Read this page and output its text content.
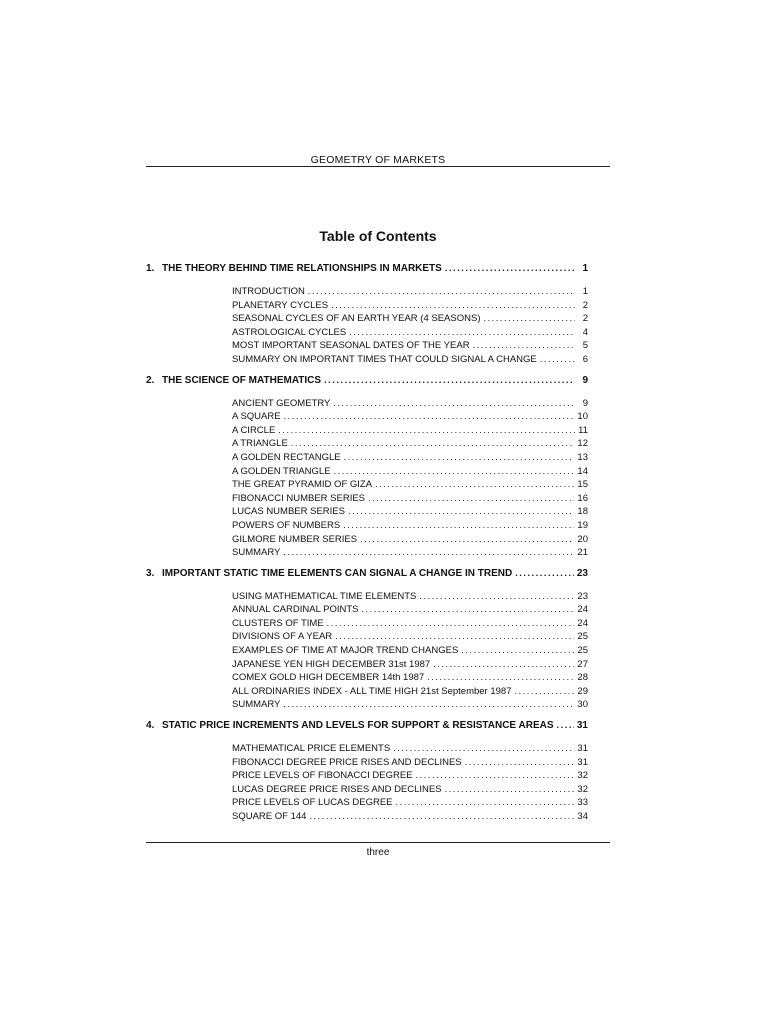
GEOMETRY OF MARKETS
Table of Contents
1. THE THEORY BEHIND TIME RELATIONSHIPS IN MARKETS .....	1
INTRODUCTION .....	1
PLANETARY CYCLES .....	2
SEASONAL CYCLES OF AN EARTH YEAR (4 SEASONS) .....	2
ASTROLOGICAL CYCLES .....	4
MOST IMPORTANT SEASONAL DATES OF THE YEAR .....	5
SUMMARY ON IMPORTANT TIMES THAT COULD SIGNAL A CHANGE .....	6
2. THE SCIENCE OF MATHEMATICS .....	9
ANCIENT GEOMETRY .....	9
A SQUARE .....	10
A CIRCLE .....	11
A TRIANGLE .....	12
A GOLDEN RECTANGLE .....	13
A GOLDEN TRIANGLE .....	14
THE GREAT PYRAMID OF GIZA .....	15
FIBONACCI NUMBER SERIES .....	16
LUCAS NUMBER SERIES .....	18
POWERS OF NUMBERS .....	19
GILMORE NUMBER SERIES .....	20
SUMMARY .....	21
3. IMPORTANT STATIC TIME ELEMENTS CAN SIGNAL A CHANGE IN TREND .....	23
USING MATHEMATICAL TIME ELEMENTS .....	23
ANNUAL CARDINAL POINTS .....	24
CLUSTERS OF TIME .....	24
DIVISIONS OF A YEAR .....	25
EXAMPLES OF TIME AT MAJOR TREND CHANGES .....	25
JAPANESE YEN HIGH DECEMBER 31st 1987 .....	27
COMEX GOLD HIGH DECEMBER 14th 1987 .....	28
ALL ORDINARIES INDEX - ALL TIME HIGH 21st September 1987 .....	29
SUMMARY .....	30
4. STATIC PRICE INCREMENTS AND LEVELS FOR SUPPORT & RESISTANCE AREAS ..... 31
MATHEMATICAL PRICE ELEMENTS .....	31
FIBONACCI DEGREE PRICE RISES AND DECLINES .....	31
PRICE LEVELS OF FIBONACCI DEGREE .....	32
LUCAS DEGREE PRICE RISES AND DECLINES .....	32
PRICE LEVELS OF LUCAS DEGREE .....	33
SQUARE OF 144 .....	34
three
